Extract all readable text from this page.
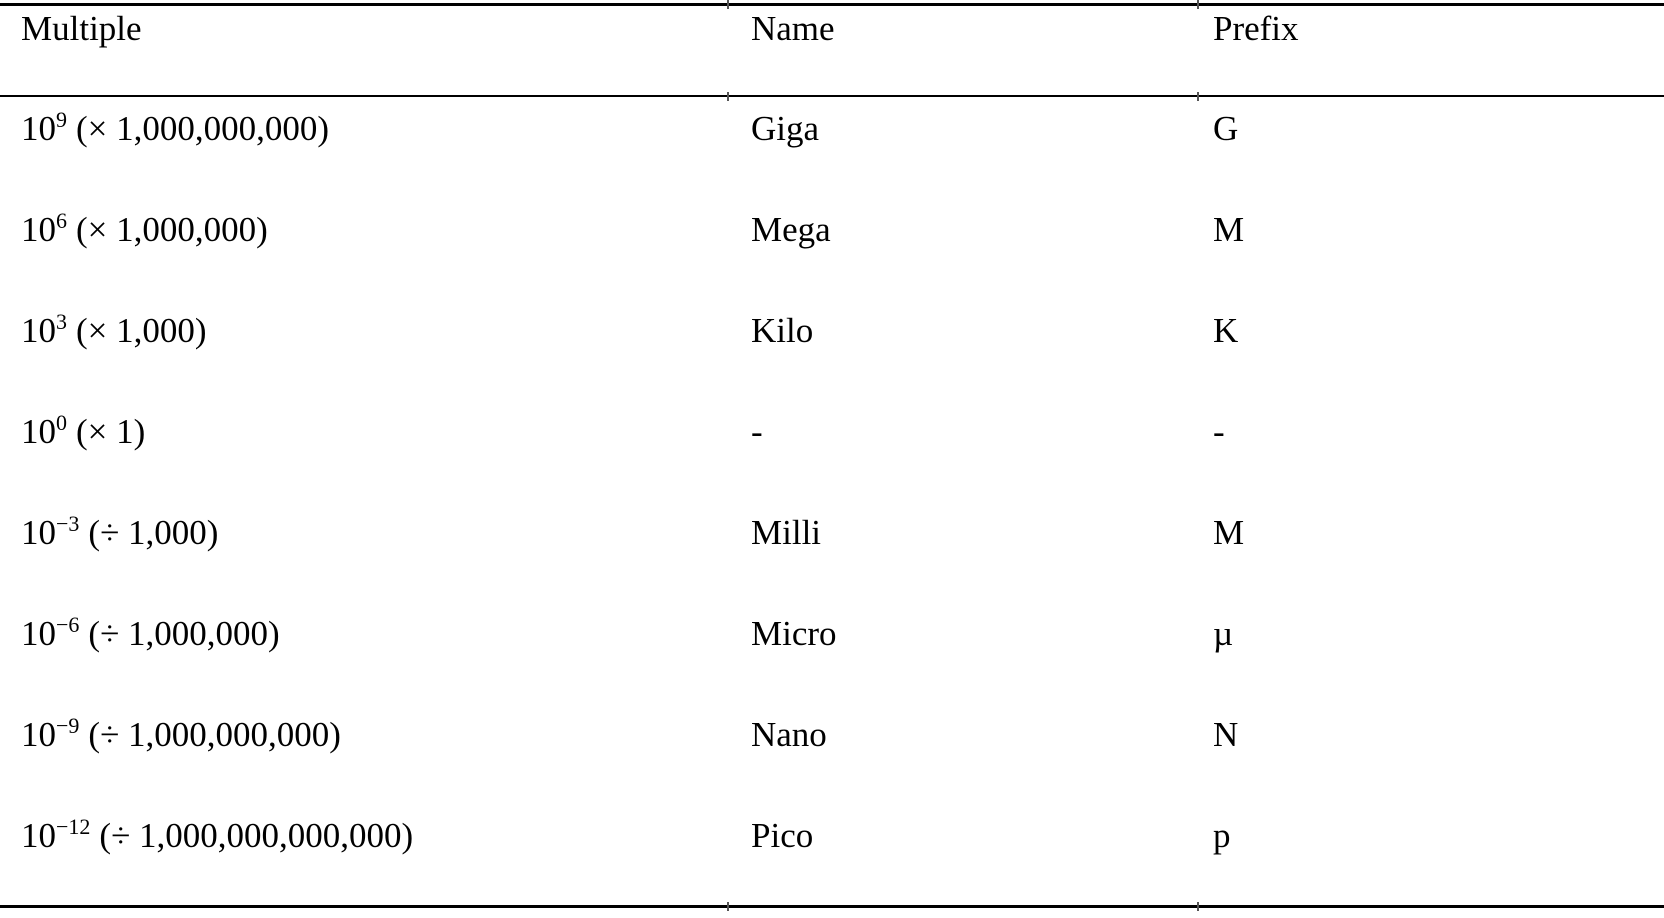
Multiple	Name	Prefix
$10^9$ (× 1,000,000,000)	Giga	G
$10^6$ (× 1,000,000)	Mega	M
$10^3$ (× 1,000)	Kilo	K
$10^0$ (× 1)	-	-
$10^{-3}$ (÷ 1,000)	Milli	M
$10^{-6}$ (÷ 1,000,000)	Micro	µ
$10^{-9}$ (÷ 1,000,000,000)	Nano	N
$10^{-12}$ (÷ 1,000,000,000,000)	Pico	p
